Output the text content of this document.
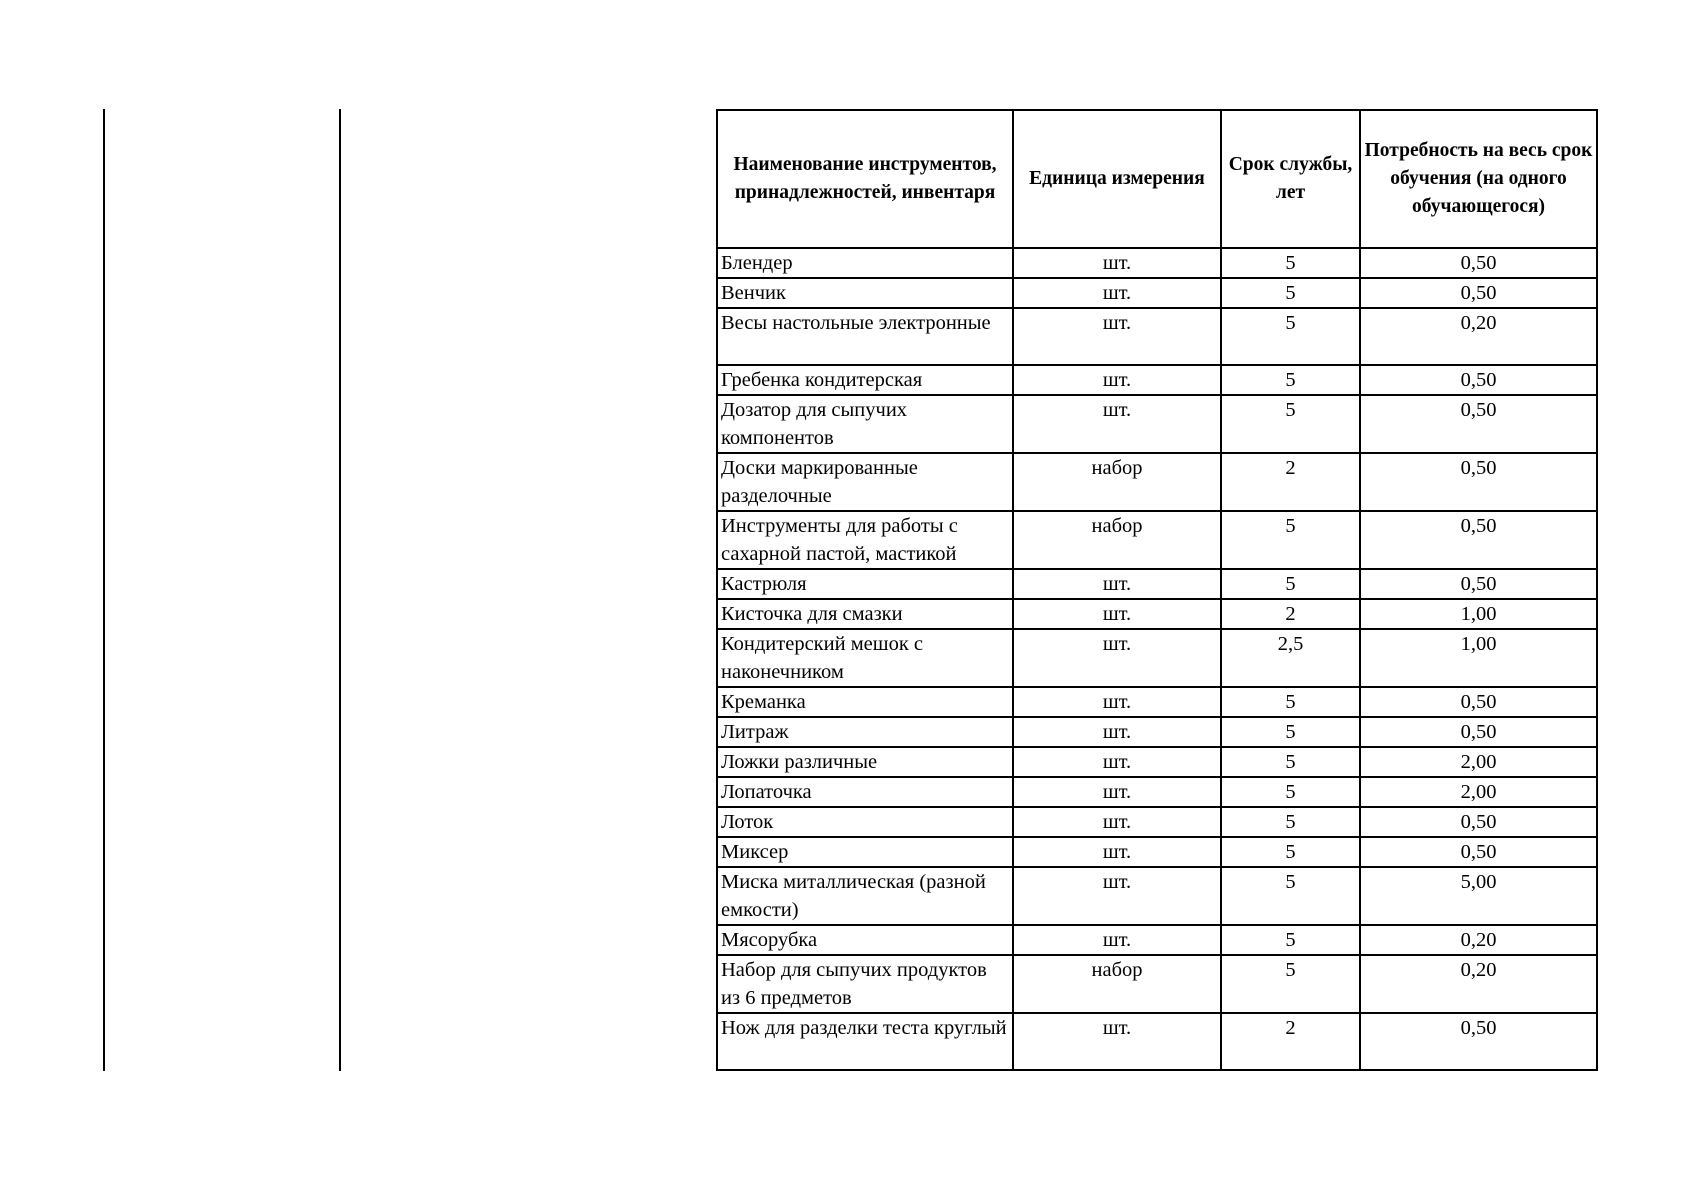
Наименование инструментов, принадлежностей, инвентаря	Единица измерения	Срок службы, лет	Потребность на весь срок обучения (на одного обучающегося)
Блендер	шт.	5	0,50
Венчик	шт.	5	0,50
Весы настольные электронные	шт.	5	0,20
Гребенка кондитерская	шт.	5	0,50
Дозатор для сыпучих компонентов	шт.	5	0,50
Доски маркированные разделочные	набор	2	0,50
Инструменты для работы с сахарной пастой, мастикой	набор	5	0,50
Кастрюля	шт.	5	0,50
Кисточка для смазки	шт.	2	1,00
Кондитерский мешок с наконечником	шт.	2,5	1,00
Креманка	шт.	5	0,50
Литраж	шт.	5	0,50
Ложки различные	шт.	5	2,00
Лопаточка	шт.	5	2,00
Лоток	шт.	5	0,50
Миксер	шт.	5	0,50
Миска миталлическая (разной емкости)	шт.	5	5,00
Мясорубка	шт.	5	0,20
Набор для сыпучих продуктов из 6 предметов	набор	5	0,20
Нож для разделки теста круглый	шт.	2	0,50
